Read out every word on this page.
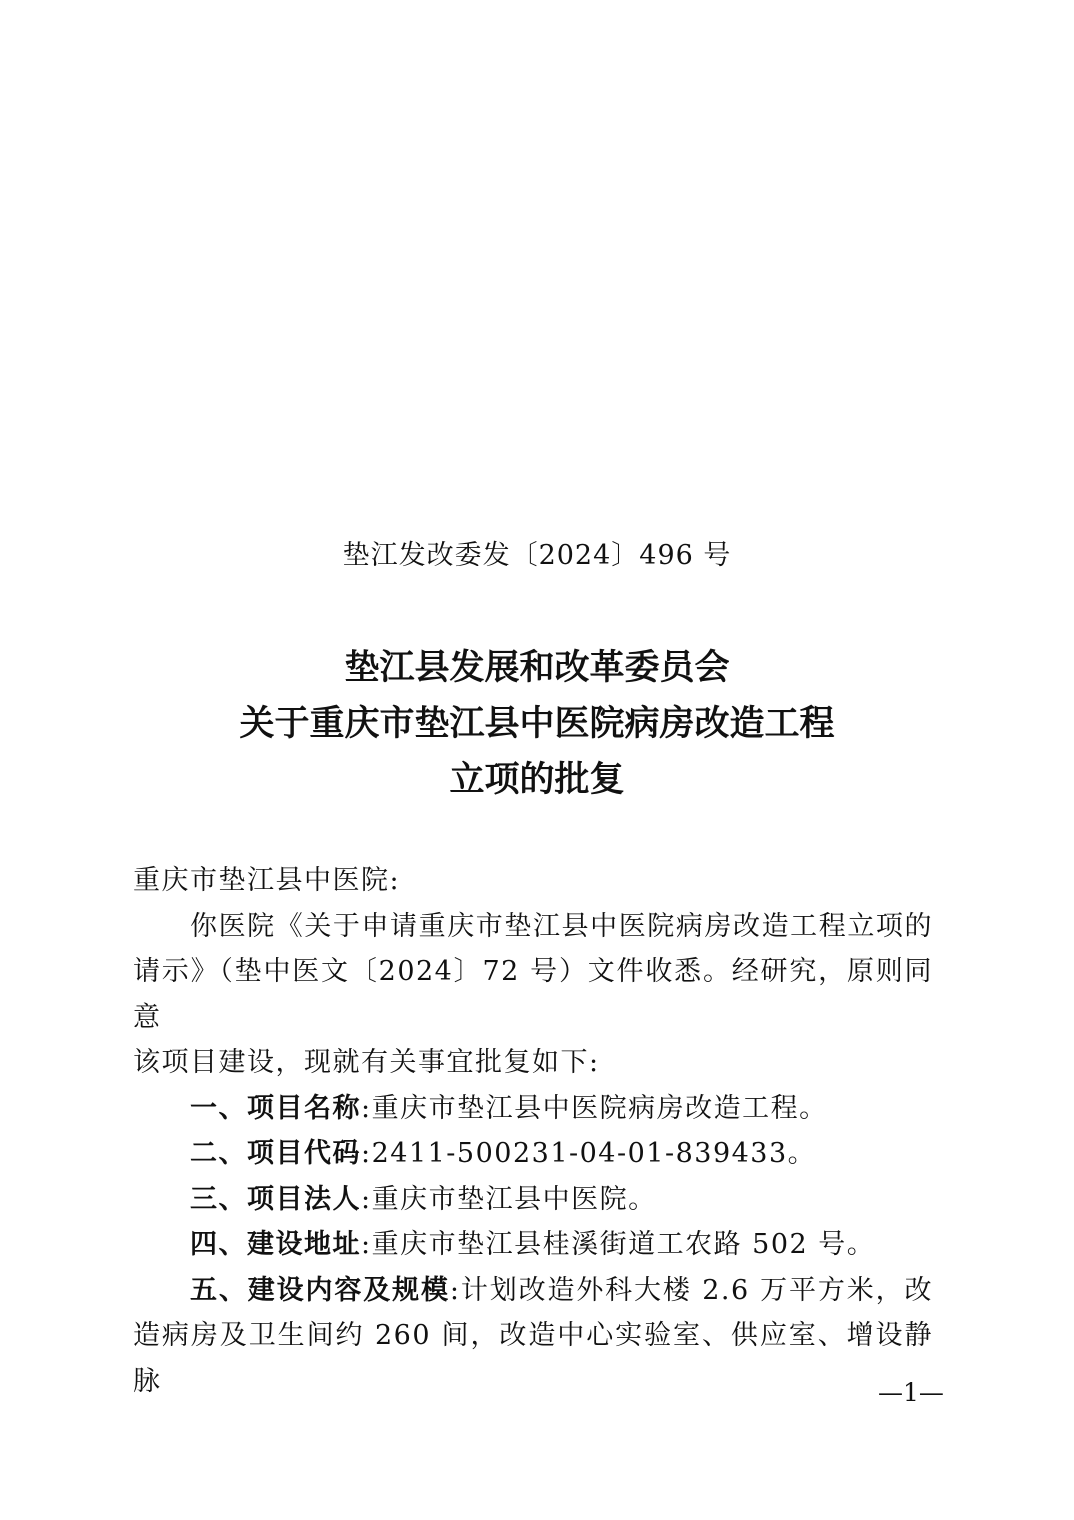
垫江发改委发〔2024〕496 号
垫江县发展和改革委员会
关于重庆市垫江县中医院病房改造工程
立项的批复

重庆市垫江县中医院:

你医院《关于申请重庆市垫江县中医院病房改造工程立项的

请示》（垫中医文〔2024〕72 号）文件收悉。经研究，原则同意

该项目建设，现就有关事宜批复如下:

一、项目名称:重庆市垫江县中医院病房改造工程。

二、项目代码:2411-500231-04-01-839433。

三、项目法人:重庆市垫江县中医院。

四、建设地址:重庆市垫江县桂溪街道工农路 502 号。

五、建设内容及规模:计划改造外科大楼 2.6 万平方米，改

造病房及卫生间约 260 间，改造中心实验室、供应室、增设静脉	—1—
